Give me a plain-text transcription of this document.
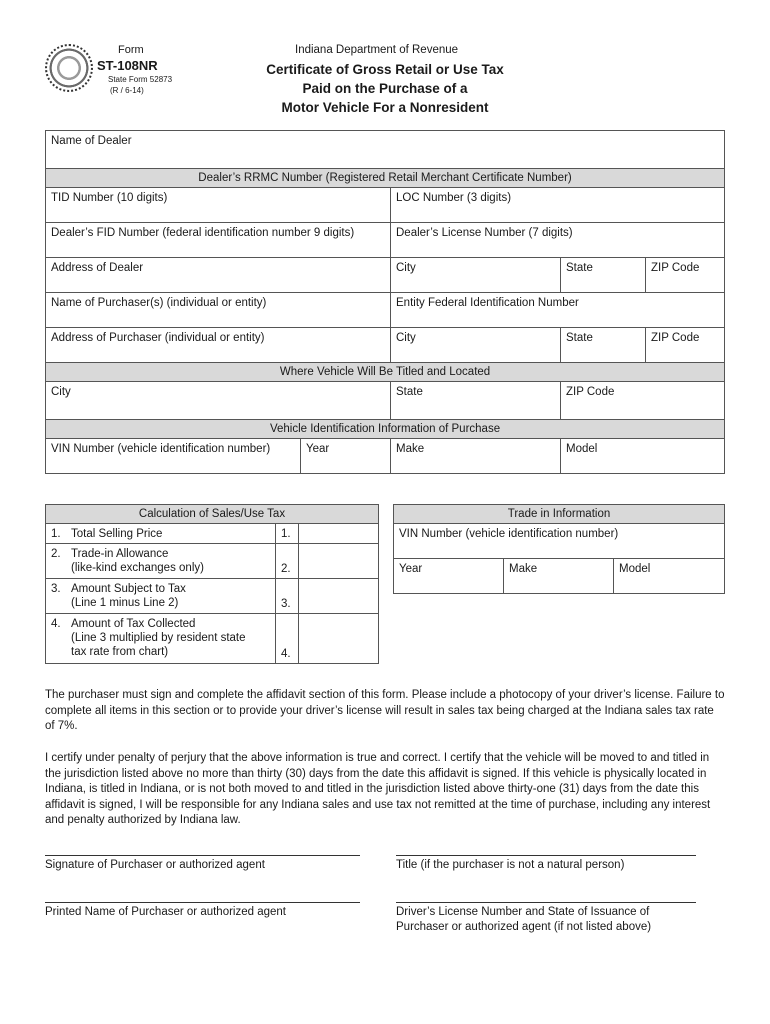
Form
ST-108NR
State Form 52873
(R / 6-14)
Indiana Department of Revenue
Certificate of Gross Retail or Use Tax
Paid on the Purchase of a
Motor Vehicle For a Nonresident
Name of Dealer				
Dealer’s RRMC Number (Registered Retail Merchant Certificate Number)				
TID Number (10 digits)		LOC Number (3 digits)		
Dealer’s FID Number (federal identification number 9 digits)		Dealer’s License Number (7 digits)		
Address of Dealer		City	State	ZIP Code
Name of Purchaser(s) (individual or entity)		Entity Federal Identification Number		
Address of Purchaser (individual or entity)		City	State	ZIP Code
Where Vehicle Will Be Titled and Located				
City		State	ZIP Code	
Vehicle Identification Information of Purchase				
VIN Number (vehicle identification number)	Year	Make	Model	
Calculation of Sales/Use Tax		
1. Total Selling Price	1.	

2. Trade-in Allowance
(like-kind exchanges only)	2.	

3. Amount Subject to Tax
(Line 1 minus Line 2)	3.	

4. Amount of Tax Collected
(Line 3 multiplied by resident state
tax rate from chart)	4.	
Trade in Information
VIN Number (vehicle identification number)
Year	Make	Model
The purchaser must sign and complete the affidavit section of this form. Please include a photocopy of your driver’s license. Failure to complete all items in this section or to provide your driver’s license will result in sales tax being charged at the Indiana sales tax rate of 7%.
I certify under penalty of perjury that the above information is true and correct. I certify that the vehicle will be moved to and titled in the jurisdiction listed above no more than thirty (30) days from the date this affidavit is signed. If this vehicle is physically located in Indiana, is titled in Indiana, or is not both moved to and titled in the jurisdiction listed above thirty-one (31) days from the date this affidavit is signed, I will be responsible for any Indiana sales and use tax not remitted at the time of purchase, including any interest and penalty authorized by Indiana law.
Signature of Purchaser or authorized agent	Title (if the purchaser is not a natural person)
Printed Name of Purchaser or authorized agent	Driver’s License Number and State of Issuance of Purchaser or authorized agent (if not listed above)
